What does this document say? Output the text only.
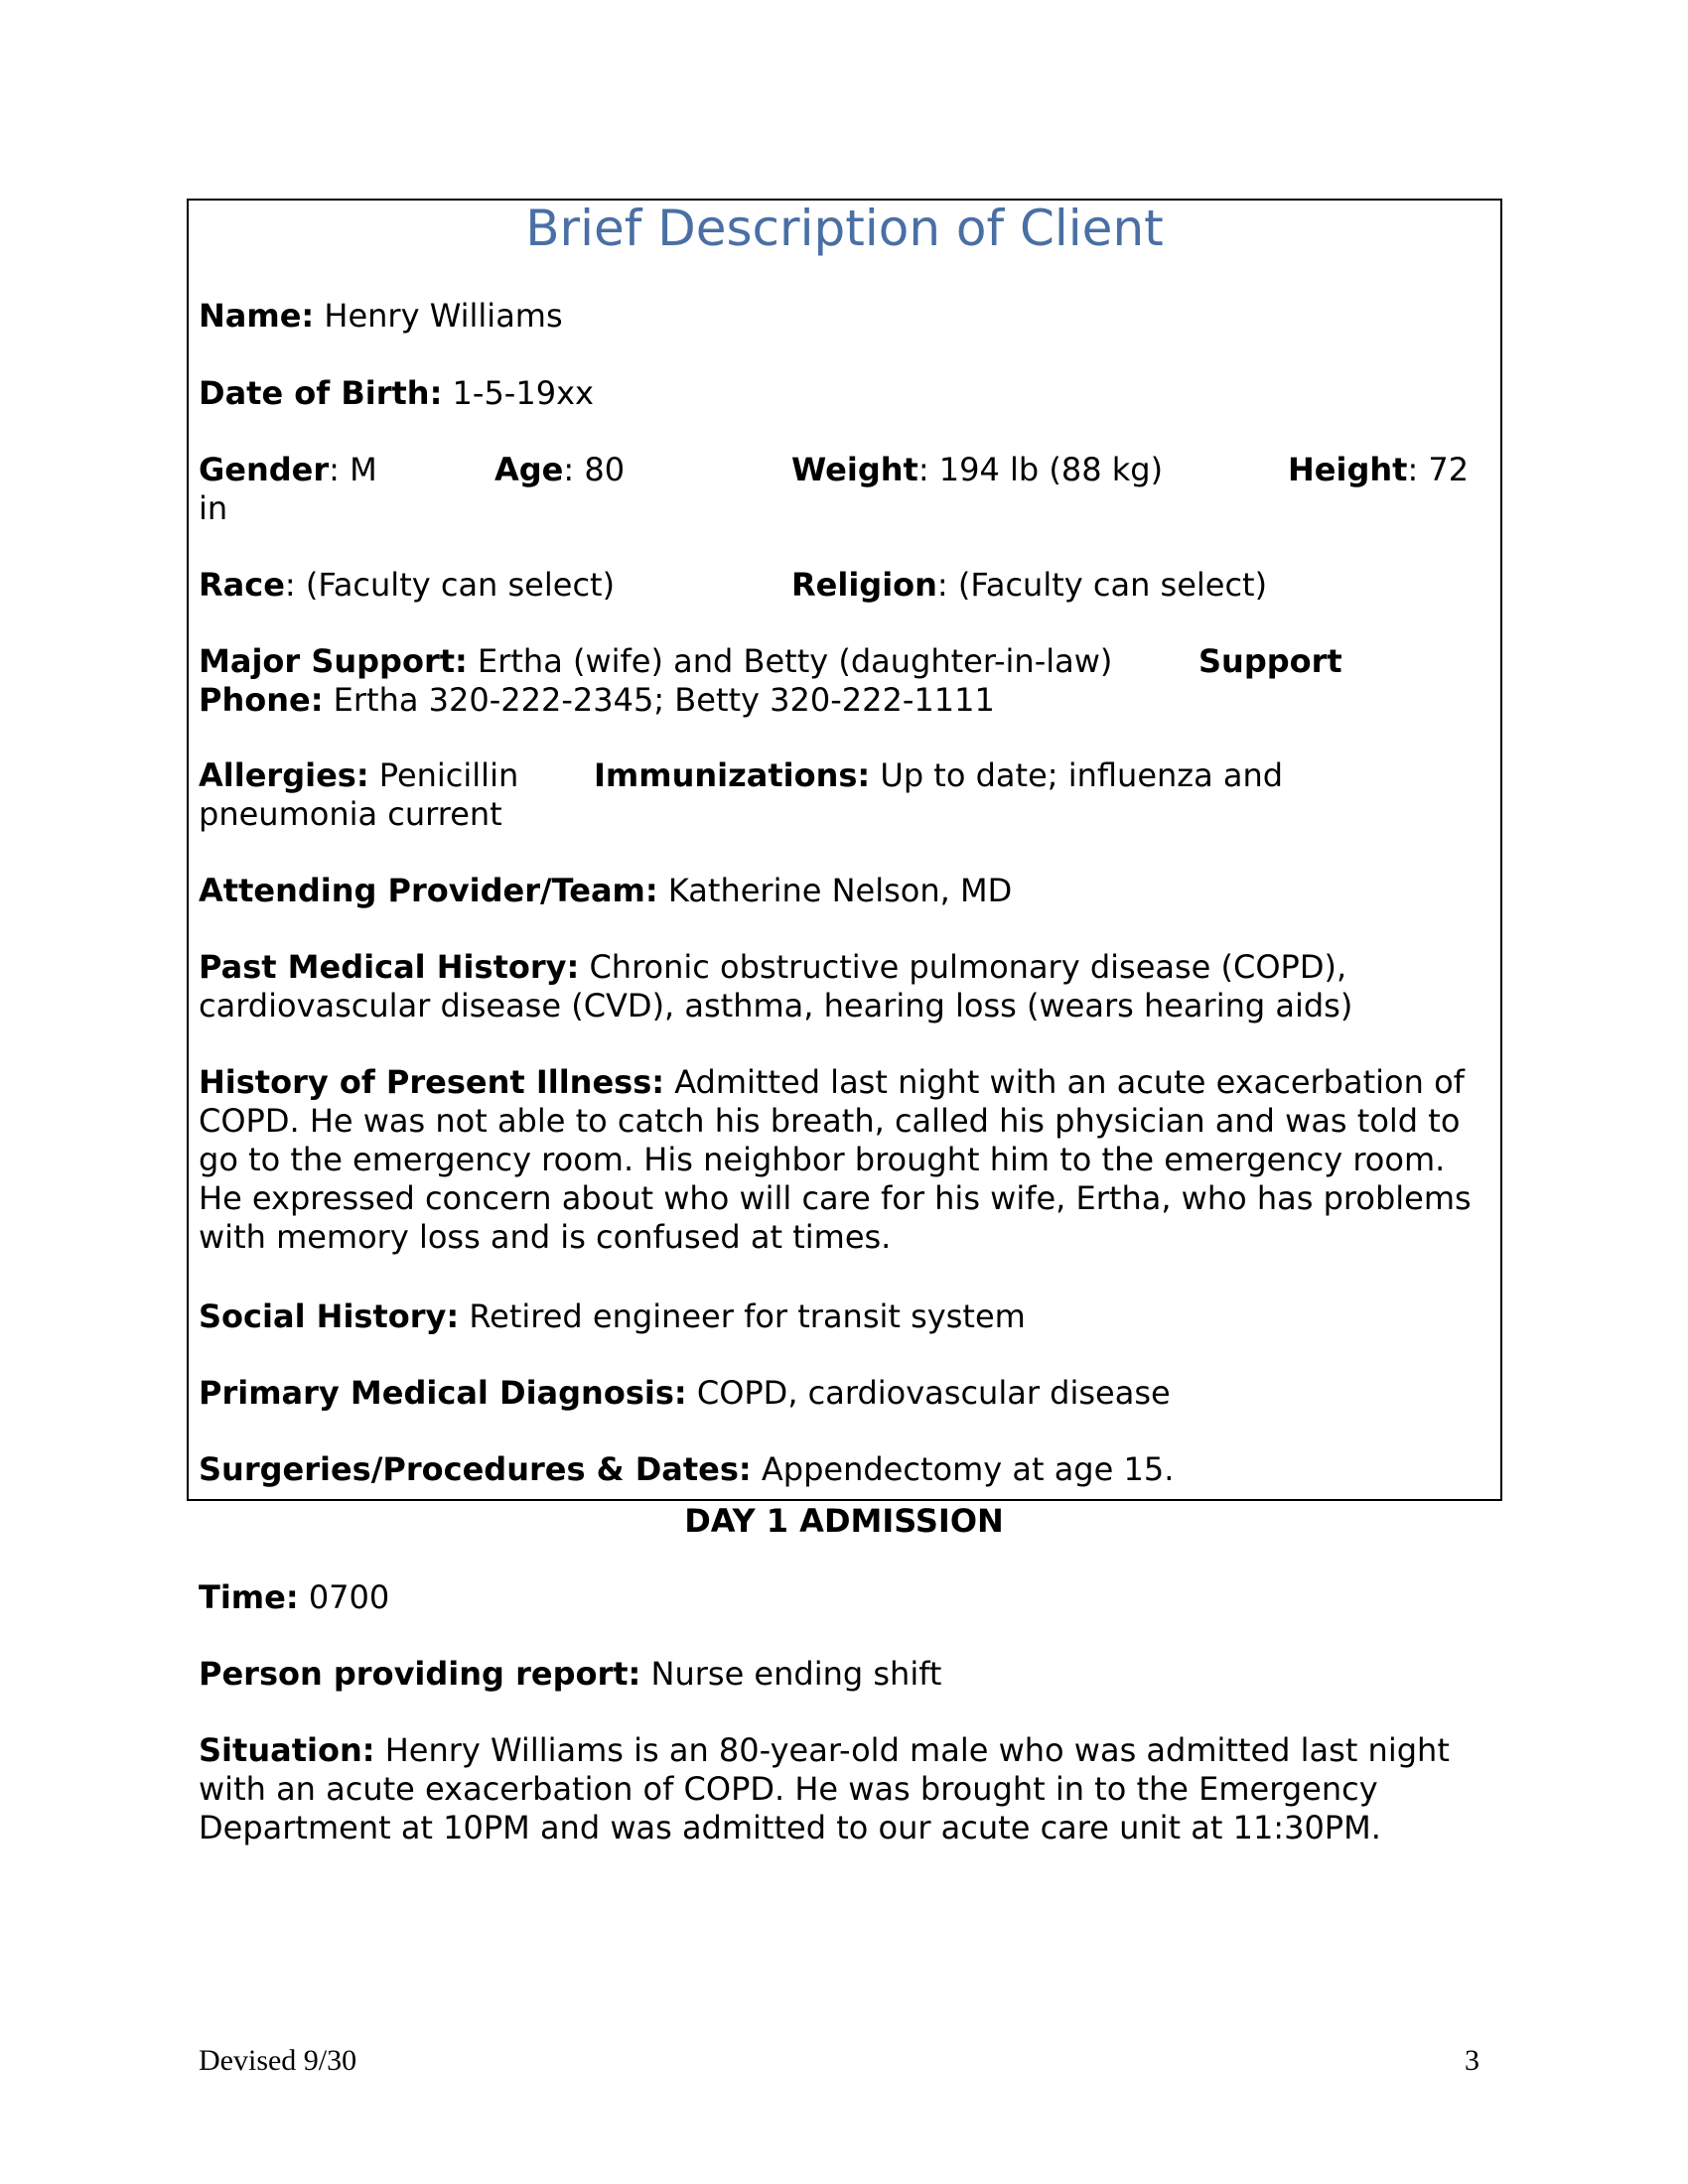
Brief Description of Client
Name: Henry Williams
Date of Birth: 1-5-19xx
Gender: M	Age: 80	Weight: 194 lb (88 kg)	Height: 72
in
Race: (Faculty can select)	Religion: (Faculty can select)
Major Support: Ertha (wife) and Betty (daughter-in-law)	Support
Phone: Ertha 320-222-2345; Betty 320-222-1111
Allergies: Penicillin Immunizations: Up to date; influenza and
pneumonia current
Attending Provider/Team: Katherine Nelson, MD
Past Medical History: Chronic obstructive pulmonary disease (COPD), cardiovascular disease (CVD), asthma, hearing loss (wears hearing aids)
History of Present Illness: Admitted last night with an acute exacerbation of COPD. He was not able to catch his breath, called his physician and was told to go to the emergency room. His neighbor brought him to the emergency room. He expressed concern about who will care for his wife, Ertha, who has problems with memory loss and is confused at times.
Social History: Retired engineer for transit system
Primary Medical Diagnosis: COPD, cardiovascular disease
Surgeries/Procedures & Dates: Appendectomy at age 15.
DAY 1 ADMISSION
Time: 0700
Person providing report: Nurse ending shift
Situation: Henry Williams is an 80-year-old male who was admitted last night with an acute exacerbation of COPD. He was brought in to the Emergency Department at 10PM and was admitted to our acute care unit at 11:30PM.
Devised 9/30	3
